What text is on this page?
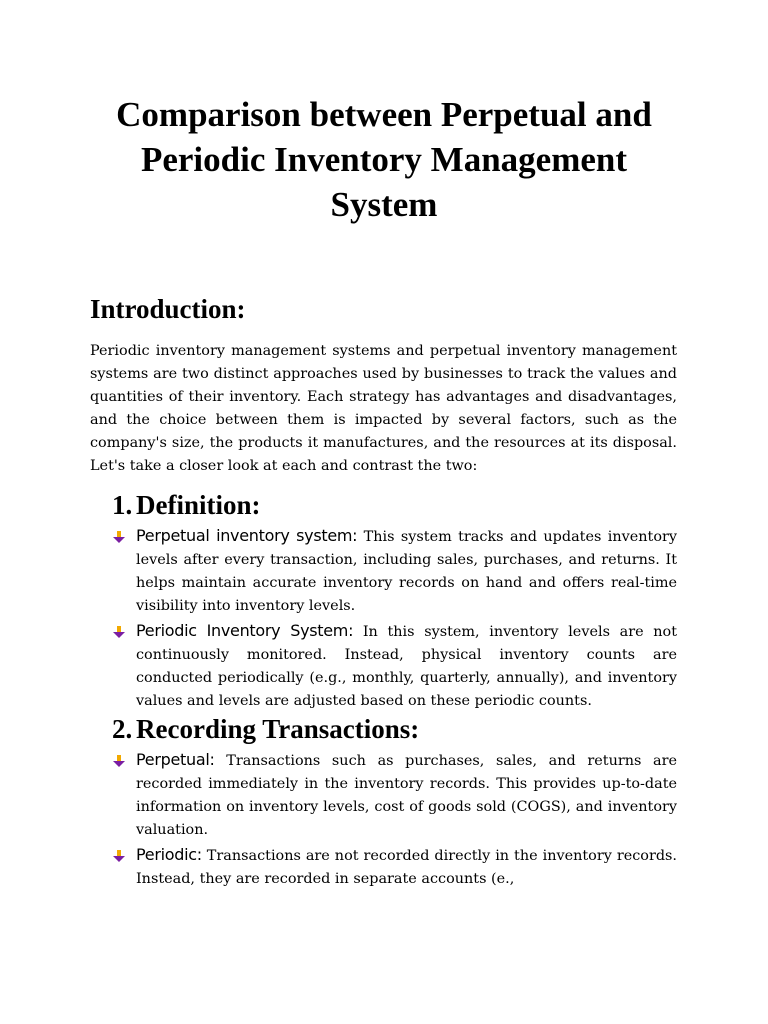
Comparison between Perpetual and Periodic Inventory Management System
Introduction:

Periodic inventory management systems and perpetual inventory management systems are two distinct approaches used by businesses to track the values and quantities of their inventory. Each strategy has advantages and disadvantages, and the choice between them is impacted by several factors, such as the company's size, the products it manufactures, and the resources at its disposal. Let's take a closer look at each and contrast the two:

1. Definition:

Perpetual inventory system: This system tracks and updates inventory levels after every transaction, including sales, purchases, and returns. It helps maintain accurate inventory records on hand and offers real-time visibility into inventory levels.

Periodic Inventory System: In this system, inventory levels are not continuously monitored. Instead, physical inventory counts are conducted periodically (e.g., monthly, quarterly, annually), and inventory values and levels are adjusted based on these periodic counts.

2. Recording Transactions:

Perpetual: Transactions such as purchases, sales, and returns are recorded immediately in the inventory records. This provides up-to-date information on inventory levels, cost of goods sold (COGS), and inventory valuation.

Periodic: Transactions are not recorded directly in the inventory records. Instead, they are recorded in separate accounts (e.,
